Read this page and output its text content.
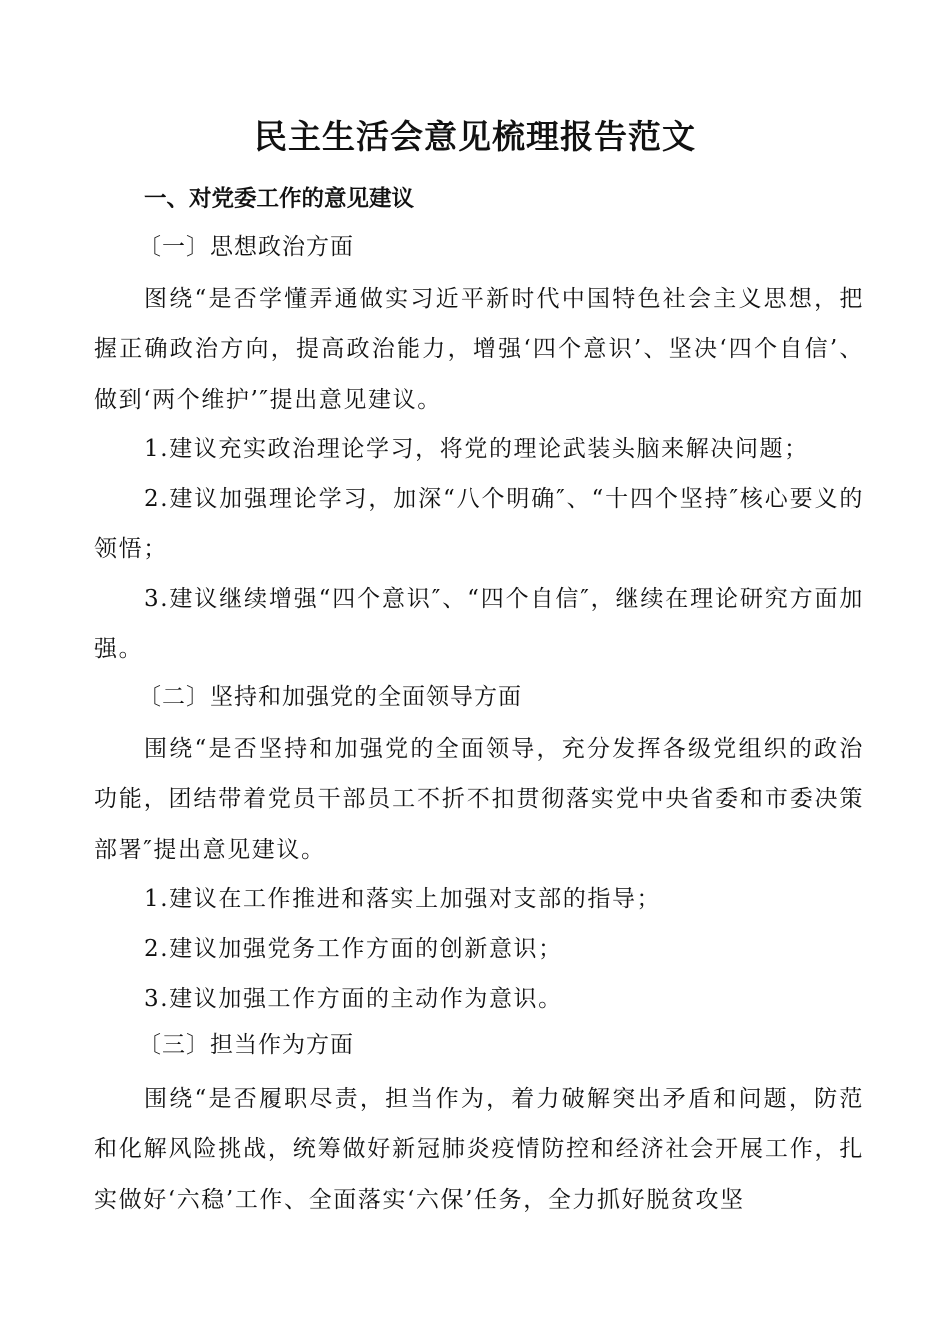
民主生活会意见梳理报告范文
一、对党委工作的意见建议
〔一〕思想政治方面

图绕“是否学懂弄通做实习近平新时代中国特色社会主义思想，把握正确政治方向，提高政治能力，增强‘四个意识’、坚决‘四个自信’、做到‘两个维护’″提出意见建议。

1.建议充实政治理论学习，将党的理论武装头脑来解决问题；

2.建议加强理论学习，加深“八个明确″、“十四个坚持″核心要义的领悟；

3.建议继续增强“四个意识″、“四个自信″，继续在理论研究方面加强。

〔二〕坚持和加强党的全面领导方面

围绕“是否坚持和加强党的全面领导，充分发挥各级党组织的政治功能，团结带着党员干部员工不折不扣贯彻落实党中央省委和市委决策部署″提出意见建议。

1.建议在工作推进和落实上加强对支部的指导；

2.建议加强党务工作方面的创新意识；

3.建议加强工作方面的主动作为意识。

〔三〕担当作为方面

围绕“是否履职尽责，担当作为，着力破解突出矛盾和问题，防范和化解风险挑战，统筹做好新冠肺炎疫情防控和经济社会开展工作，扎实做好‘六稳’工作、全面落实‘六保’任务，全力抓好脱贫攻坚
